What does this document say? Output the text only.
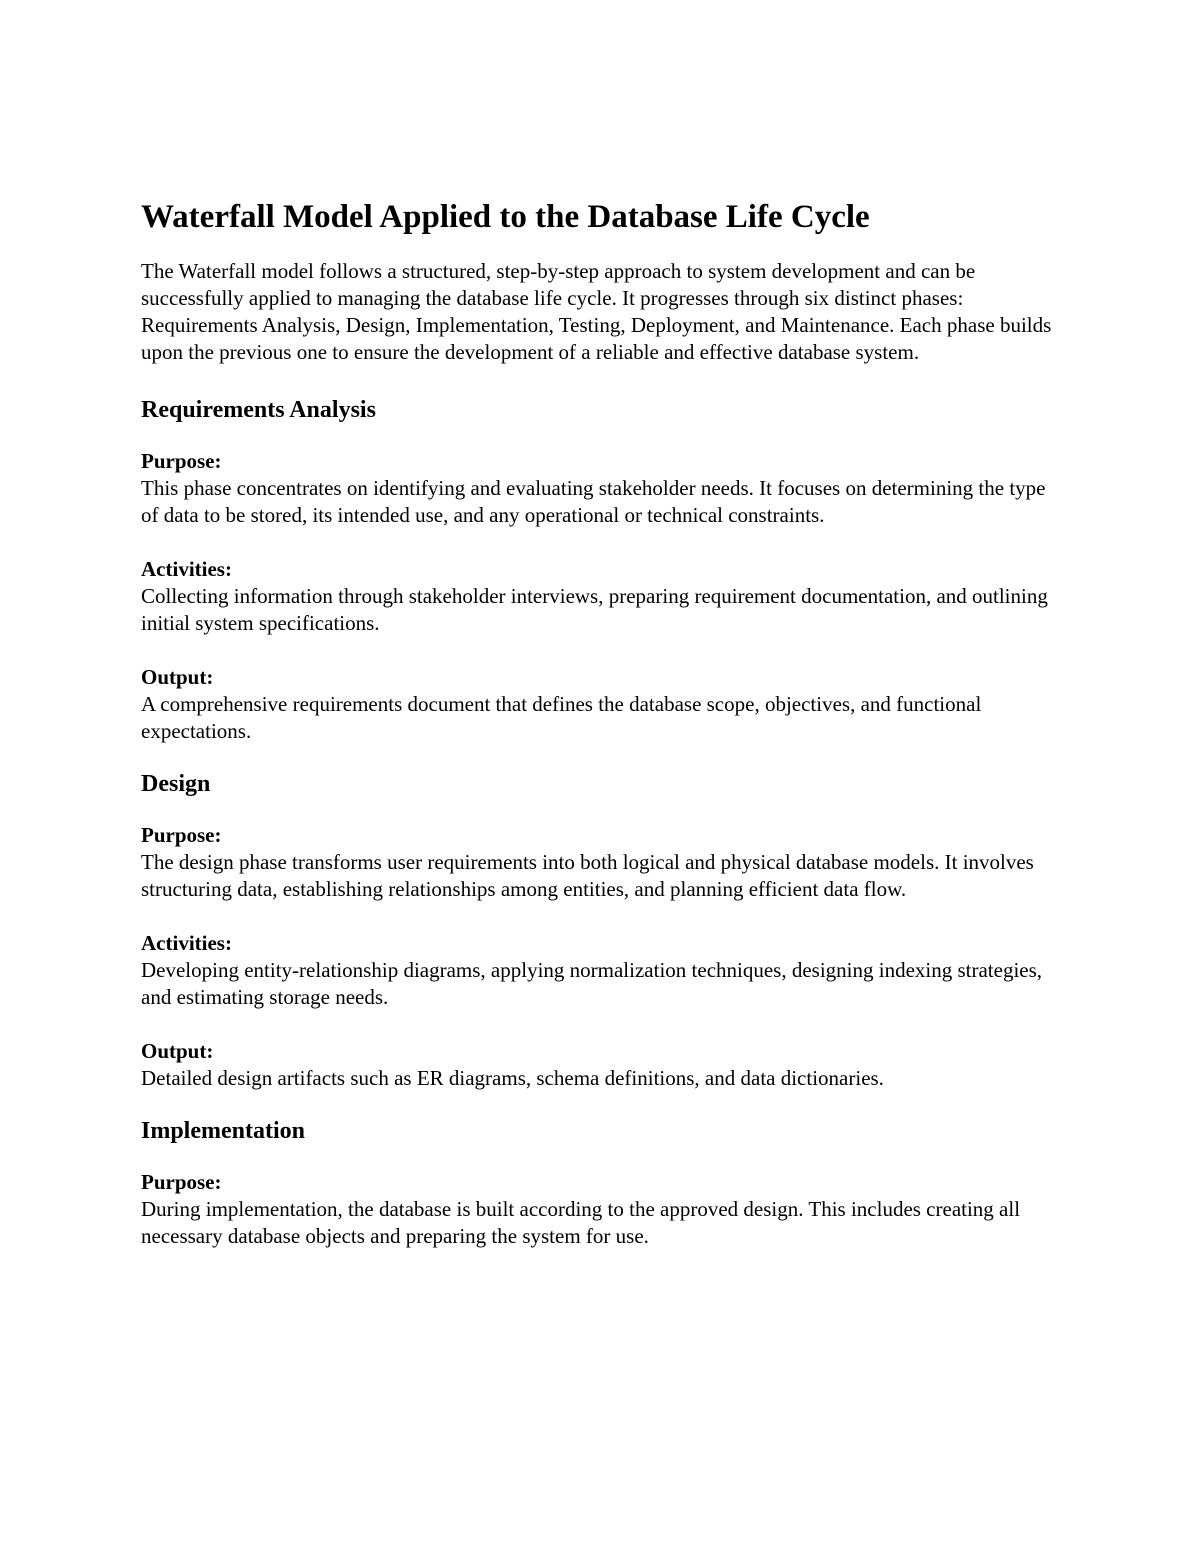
Waterfall Model Applied to the Database Life Cycle

The Waterfall model follows a structured, step-by-step approach to system development and can be successfully applied to managing the database life cycle. It progresses through six distinct phases: Requirements Analysis, Design, Implementation, Testing, Deployment, and Maintenance. Each phase builds upon the previous one to ensure the development of a reliable and effective database system.

Requirements Analysis

Purpose:

This phase concentrates on identifying and evaluating stakeholder needs. It focuses on determining the type of data to be stored, its intended use, and any operational or technical constraints.

Activities:

Collecting information through stakeholder interviews, preparing requirement documentation, and outlining initial system specifications.

Output:

A comprehensive requirements document that defines the database scope, objectives, and functional expectations.

Design

Purpose:

The design phase transforms user requirements into both logical and physical database models. It involves structuring data, establishing relationships among entities, and planning efficient data flow.

Activities:

Developing entity-relationship diagrams, applying normalization techniques, designing indexing strategies, and estimating storage needs.

Output:

Detailed design artifacts such as ER diagrams, schema definitions, and data dictionaries.

Implementation

Purpose:

During implementation, the database is built according to the approved design. This includes creating all necessary database objects and preparing the system for use.
